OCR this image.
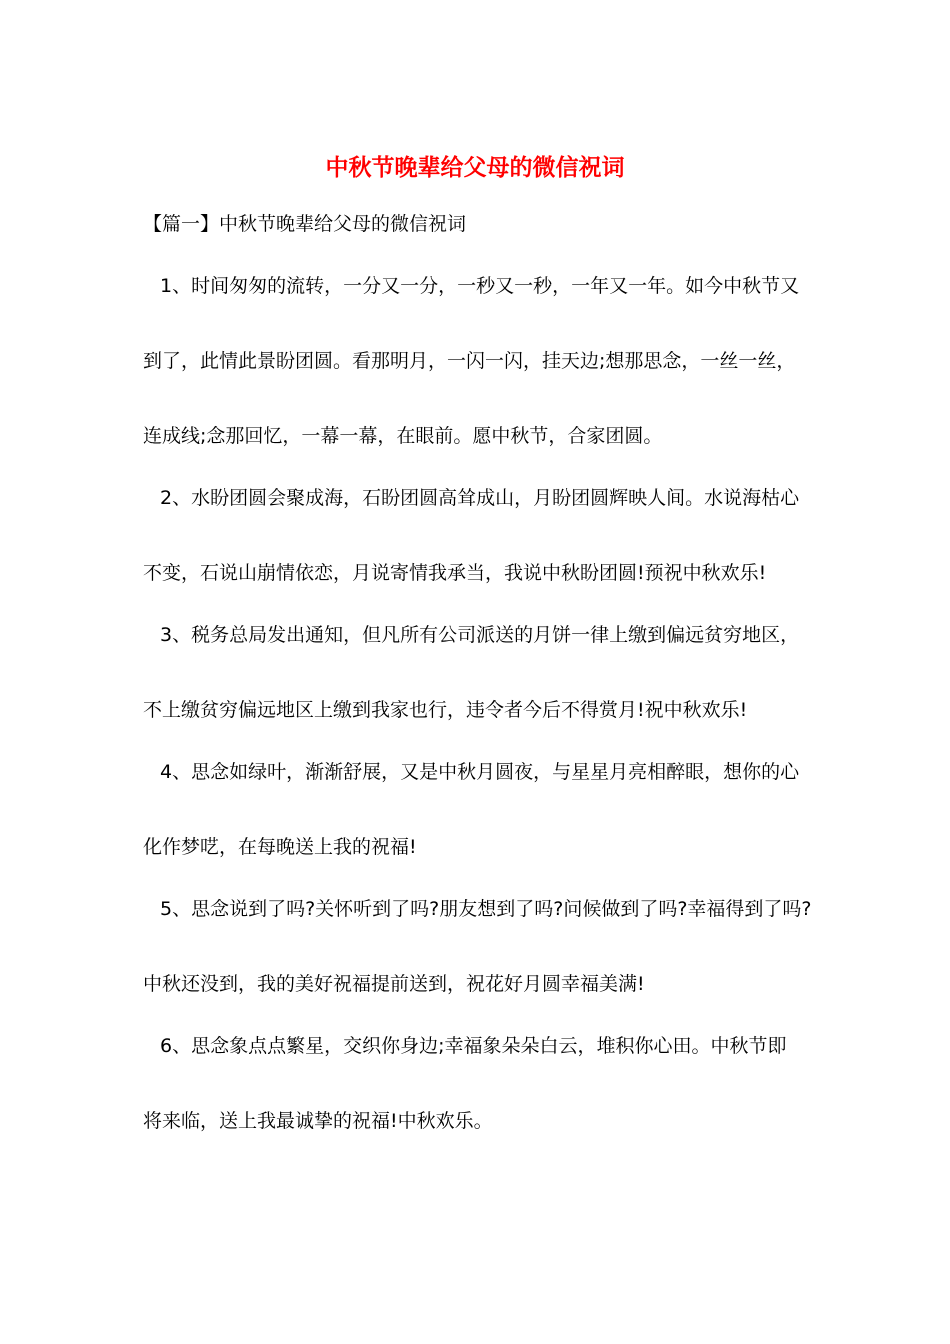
中秋节晚辈给父母的微信祝词
【篇一】中秋节晚辈给父母的微信祝词
1、时间匆匆的流转，一分又一分，一秒又一秒，一年又一年。如今中秋节又
到了，此情此景盼团圆。看那明月，一闪一闪，挂天边;想那思念，一丝一丝，
连成线;念那回忆，一幕一幕，在眼前。愿中秋节，合家团圆。
2、水盼团圆会聚成海，石盼团圆高耸成山，月盼团圆辉映人间。水说海枯心
不变，石说山崩情依恋，月说寄情我承当，我说中秋盼团圆!预祝中秋欢乐!
3、税务总局发出通知，但凡所有公司派送的月饼一律上缴到偏远贫穷地区，
不上缴贫穷偏远地区上缴到我家也行，违令者今后不得赏月!祝中秋欢乐!
4、思念如绿叶，渐渐舒展，又是中秋月圆夜，与星星月亮相醉眼，想你的心
化作梦呓，在每晚送上我的祝福!
5、思念说到了吗?关怀听到了吗?朋友想到了吗?问候做到了吗?幸福得到了吗?
中秋还没到，我的美好祝福提前送到，祝花好月圆幸福美满!
6、思念象点点繁星，交织你身边;幸福象朵朵白云，堆积你心田。中秋节即
将来临，送上我最诚挚的祝福!中秋欢乐。
